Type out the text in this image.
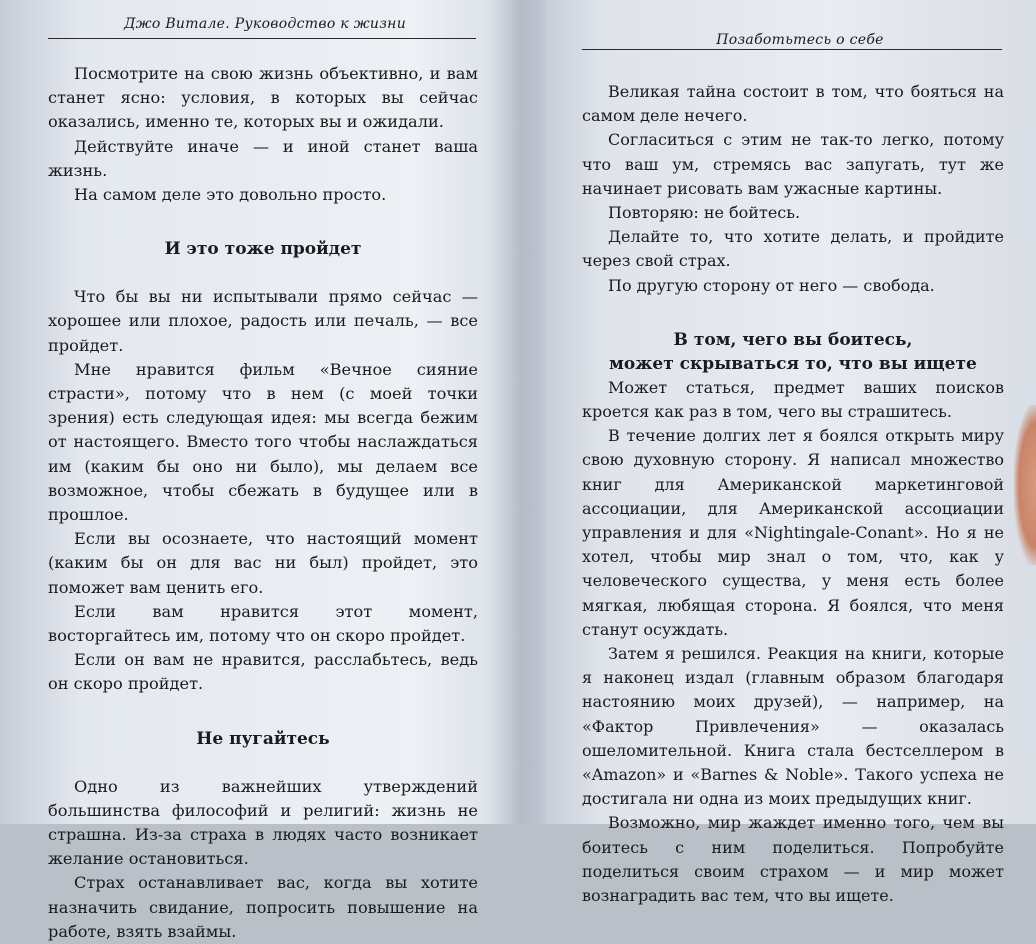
Джо Витале. Руководство к жизни

Посмотрите на свою жизнь объективно, и вам станет ясно: условия, в которых вы сейчас оказались, именно те, которых вы и ожидали.

Действуйте иначе — и иной станет ваша жизнь.

На самом деле это довольно просто.

И это тоже пройдет

Что бы вы ни испытывали прямо сейчас — хорошее или плохое, радость или печаль, — все пройдет.

Мне нравится фильм «Вечное сияние страсти», потому что в нем (с моей точки зрения) есть следующая идея: мы всегда бежим от настоящего. Вместо того чтобы наслаждаться им (каким бы оно ни было), мы делаем все возможное, чтобы сбежать в будущее или в прошлое.

Если вы осознаете, что настоящий момент (каким бы он для вас ни был) пройдет, это поможет вам ценить его.

Если вам нравится этот момент, восторгайтесь им, потому что он скоро пройдет.

Если он вам не нравится, расслабьтесь, ведь он скоро пройдет.

Не пугайтесь

Одно из важнейших утверждений большинства философий и религий: жизнь не страшна. Из-за страха в людях часто возникает желание остановиться.

Страх останавливает вас, когда вы хотите назначить свидание, попросить повышение на работе, взять взаймы.

Позаботьтесь о себе

Великая тайна состоит в том, что бояться на самом деле нечего.

Согласиться с этим не так-то легко, потому что ваш ум, стремясь вас запугать, тут же начинает рисовать вам ужасные картины.

Повторяю: не бойтесь.

Делайте то, что хотите делать, и пройдите через свой страх.

По другую сторону от него — свобода.

В том, чего вы боитесь,
может скрываться то, что вы ищете

Может статься, предмет ваших поисков кроется как раз в том, чего вы страшитесь.

В течение долгих лет я боялся открыть миру свою духовную сторону. Я написал множество книг для Американской маркетинговой ассоциации, для Американской ассоциации управления и для «Nightingale-Conant». Но я не хотел, чтобы мир знал о том, что, как у человеческого существа, у меня есть более мягкая, любящая сторона. Я боялся, что меня станут осуждать.

Затем я решился. Реакция на книги, которые я наконец издал (главным образом благодаря настоянию моих друзей), — например, на «Фактор Привлечения» — оказалась ошеломительной. Книга стала бестселлером в «Amazon» и «Barnes & Noble». Такого успеха не достигала ни одна из моих предыдущих книг.

Возможно, мир жаждет именно того, чем вы боитесь с ним поделиться. Попробуйте поделиться своим страхом — и мир может вознаградить вас тем, что вы ищете.
